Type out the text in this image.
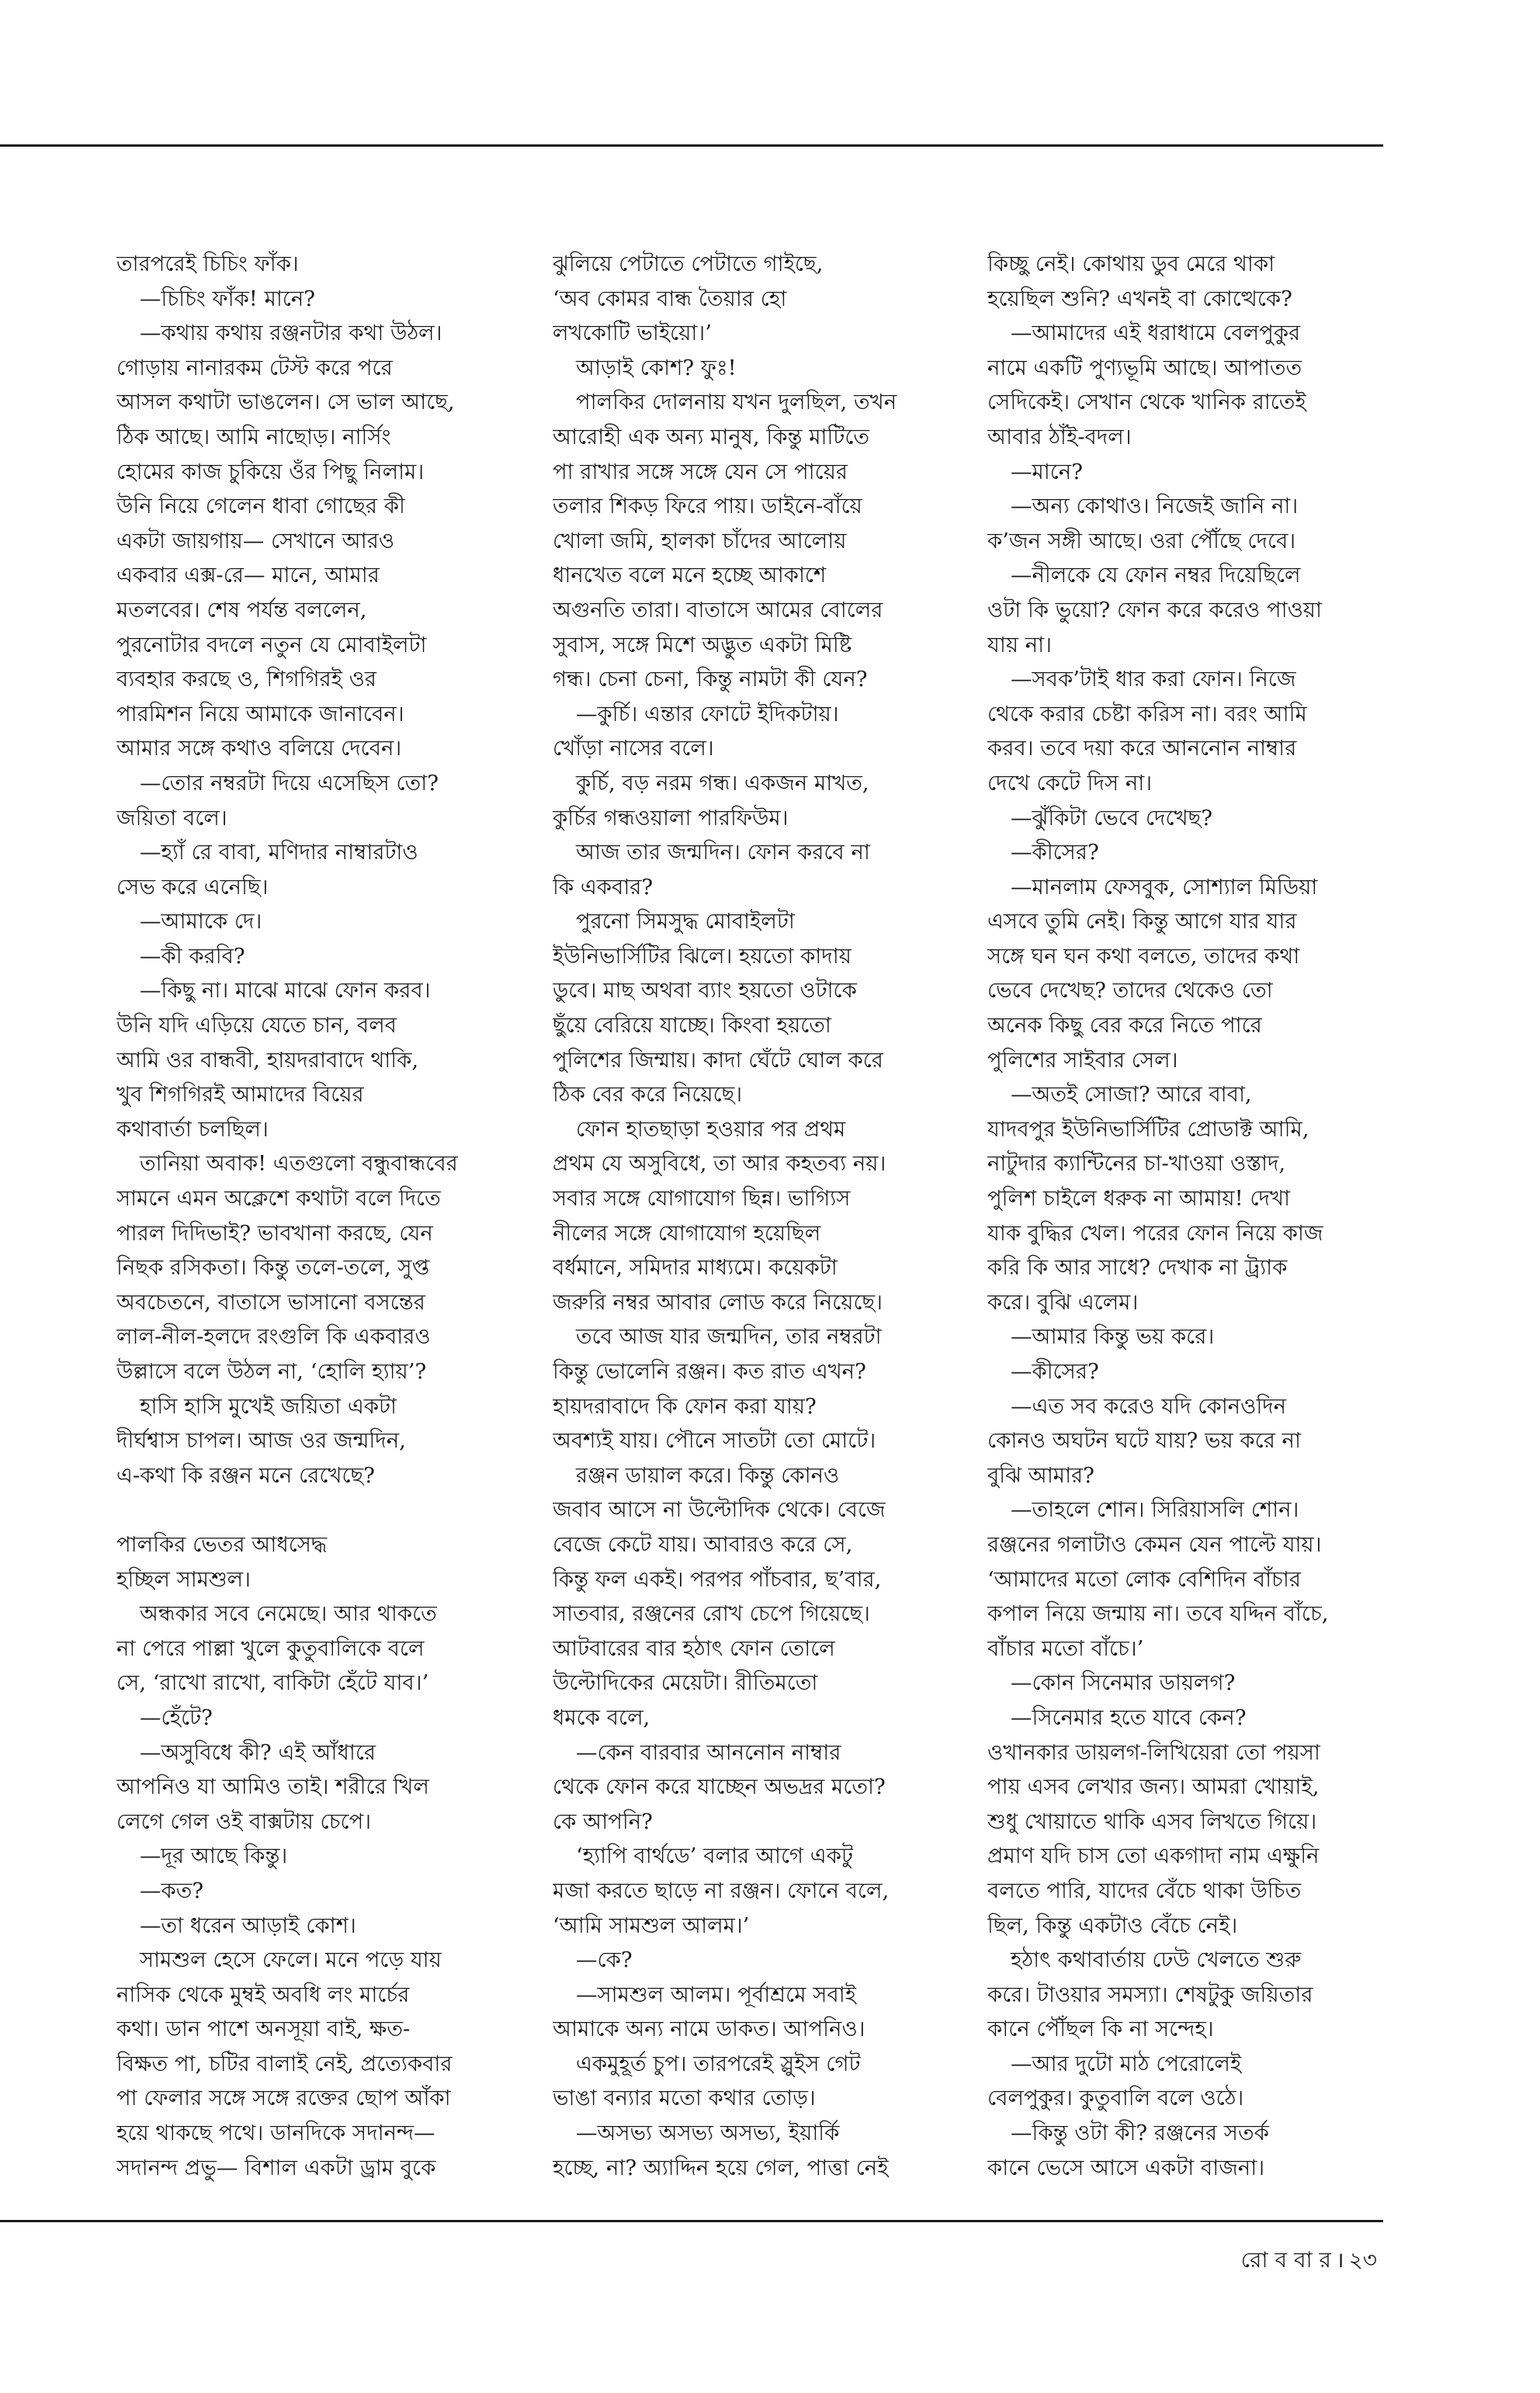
তারপরেই চিচিং ফাঁক।
—চিচিং ফাঁক! মানে?
—কথায় কথায় রঞ্জনটার কথা উঠল।
গোড়ায় নানারকম টেস্ট করে পরে
আসল কথাটা ভাঙলেন। সে ভাল আছে,
ঠিক আছে। আমি নাছোড়। নার্সিং
হোমের কাজ চুকিয়ে ওঁর পিছু নিলাম।
উনি নিয়ে গেলেন ধাবা গোছের কী
একটা জায়গায়— সেখানে আরও
একবার এক্স-রে— মানে, আমার
মতলবের। শেষ পর্যন্ত বললেন,
পুরনোটার বদলে নতুন যে মোবাইলটা
ব্যবহার করছে ও, শিগগিরই ওর
পারমিশন নিয়ে আমাকে জানাবেন।
আমার সঙ্গে কথাও বলিয়ে দেবেন।
—তোর নম্বরটা দিয়ে এসেছিস তো?
জয়িতা বলে।
—হ্যাঁ রে বাবা, মণিদার নাম্বারটাও
সেভ করে এনেছি।
—আমাকে দে।
—কী করবি?
—কিছু না। মাঝে মাঝে ফোন করব।
উনি যদি এড়িয়ে যেতে চান, বলব
আমি ওর বান্ধবী, হায়দরাবাদে থাকি,
খুব শিগগিরই আমাদের বিয়ের
কথাবার্তা চলছিল।
তানিয়া অবাক! এতগুলো বন্ধুবান্ধবের
সামনে এমন অক্লেশে কথাটা বলে দিতে
পারল দিদিভাই? ভাবখানা করছে, যেন
নিছক রসিকতা। কিন্তু তলে-তলে, সুপ্ত
অবচেতনে, বাতাসে ভাসানো বসন্তের
লাল-নীল-হলদে রংগুলি কি একবারও
উল্লাসে বলে উঠল না, ‘হোলি হ্যায়’?
হাসি হাসি মুখেই জয়িতা একটা
দীর্ঘশ্বাস চাপল। আজ ওর জন্মদিন,
এ-কথা কি রঞ্জন মনে রেখেছে?
পালকির ভেতর আধসেদ্ধ
হচ্ছিল সামশুল।
অন্ধকার সবে নেমেছে। আর থাকতে
না পেরে পাল্লা খুলে কুতুবালিকে বলে
সে, ‘রাখো রাখো, বাকিটা হেঁটে যাব।’
—হেঁটে?
—অসুবিধে কী? এই আঁধারে
আপনিও যা আমিও তাই। শরীরে খিল
লেগে গেল ওই বাক্সটায় চেপে।
—দূর আছে কিন্তু।
—কত?
—তা ধরেন আড়াই কোশ।
সামশুল হেসে ফেলে। মনে পড়ে যায়
নাসিক থেকে মুম্বই অবধি লং মার্চের
কথা। ডান পাশে অনসূয়া বাই, ক্ষত-
বিক্ষত পা, চটির বালাই নেই, প্রত্যেকবার
পা ফেলার সঙ্গে সঙ্গে রক্তের ছোপ আঁকা
হয়ে থাকছে পথে। ডানদিকে সদানন্দ—
সদানন্দ প্রভু— বিশাল একটা ড্রাম বুকে
ঝুলিয়ে পেটাতে পেটাতে গাইছে,
‘অব কোমর বান্ধ তৈয়ার হো
লখকোটি ভাইয়ো।’
আড়াই কোশ? ফুঃ!
পালকির দোলনায় যখন দুলছিল, তখন
আরোহী এক অন্য মানুষ, কিন্তু মাটিতে
পা রাখার সঙ্গে সঙ্গে যেন সে পায়ের
তলার শিকড় ফিরে পায়। ডাইনে-বাঁয়ে
খোলা জমি, হালকা চাঁদের আলোয়
ধানখেত বলে মনে হচ্ছে আকাশে
অগুনতি তারা। বাতাসে আমের বোলের
সুবাস, সঙ্গে মিশে অদ্ভুত একটা মিষ্টি
গন্ধ। চেনা চেনা, কিন্তু নামটা কী যেন?
—কুর্চি। এন্তার ফোটে ইদিকটায়।
খোঁড়া নাসের বলে।
কুর্চি, বড় নরম গন্ধ। একজন মাখত,
কুর্চির গন্ধওয়ালা পারফিউম।
আজ তার জন্মদিন। ফোন করবে না
কি একবার?
পুরনো সিমসুদ্ধ মোবাইলটা
ইউনিভার্সিটির ঝিলে। হয়তো কাদায়
ডুবে। মাছ অথবা ব্যাং হয়তো ওটাকে
ছুঁয়ে বেরিয়ে যাচ্ছে। কিংবা হয়তো
পুলিশের জিম্মায়। কাদা ঘেঁটে ঘোল করে
ঠিক বের করে নিয়েছে।
ফোন হাতছাড়া হওয়ার পর প্রথম
প্রথম যে অসুবিধে, তা আর কহতব্য নয়।
সবার সঙ্গে যোগাযোগ ছিন্ন। ভাগ্যিস
নীলের সঙ্গে যোগাযোগ হয়েছিল
বর্ধমানে, সমিদার মাধ্যমে। কয়েকটা
জরুরি নম্বর আবার লোড করে নিয়েছে।
তবে আজ যার জন্মদিন, তার নম্বরটা
কিন্তু ভোলেনি রঞ্জন। কত রাত এখন?
হায়দরাবাদে কি ফোন করা যায়?
অবশ্যই যায়। পৌনে সাতটা তো মোটে।
রঞ্জন ডায়াল করে। কিন্তু কোনও
জবাব আসে না উল্টোদিক থেকে। বেজে
বেজে কেটে যায়। আবারও করে সে,
কিন্তু ফল একই। পরপর পাঁচবার, ছ’বার,
সাতবার, রঞ্জনের রোখ চেপে গিয়েছে।
আটবারের বার হঠাৎ ফোন তোলে
উল্টোদিকের মেয়েটা। রীতিমতো
ধমকে বলে,
—কেন বারবার আননোন নাম্বার
থেকে ফোন করে যাচ্ছেন অভদ্রর মতো?
কে আপনি?
‘হ্যাপি বার্থডে’ বলার আগে একটু
মজা করতে ছাড়ে না রঞ্জন। ফোনে বলে,
‘আমি সামশুল আলম।’
—কে?
—সামশুল আলম। পূর্বাশ্রমে সবাই
আমাকে অন্য নামে ডাকত। আপনিও।
একমুহূর্ত চুপ। তারপরেই স্লুইস গেট
ভাঙা বন্যার মতো কথার তোড়।
—অসভ্য অসভ্য অসভ্য, ইয়ার্কি
হচ্ছে, না? অ্যাদ্দিন হয়ে গেল, পাত্তা নেই
কিচ্ছু নেই। কোথায় ডুব মেরে থাকা
হয়েছিল শুনি? এখনই বা কোত্থেকে?
—আমাদের এই ধরাধামে বেলপুকুর
নামে একটি পুণ্যভূমি আছে। আপাতত
সেদিকেই। সেখান থেকে খানিক রাতেই
আবার ঠাঁই-বদল।
—মানে?
—অন্য কোথাও। নিজেই জানি না।
ক’জন সঙ্গী আছে। ওরা পৌঁছে দেবে।
—নীলকে যে ফোন নম্বর দিয়েছিলে
ওটা কি ভুয়ো? ফোন করে করেও পাওয়া
যায় না।
—সবক’টাই ধার করা ফোন। নিজে
থেকে করার চেষ্টা করিস না। বরং আমি
করব। তবে দয়া করে আননোন নাম্বার
দেখে কেটে দিস না।
—ঝুঁকিটা ভেবে দেখেছ?
—কীসের?
—মানলাম ফেসবুক, সোশ্যাল মিডিয়া
এসবে তুমি নেই। কিন্তু আগে যার যার
সঙ্গে ঘন ঘন কথা বলতে, তাদের কথা
ভেবে দেখেছ? তাদের থেকেও তো
অনেক কিছু বের করে নিতে পারে
পুলিশের সাইবার সেল।
—অতই সোজা? আরে বাবা,
যাদবপুর ইউনিভার্সিটির প্রোডাক্ট আমি,
নাটুদার ক্যান্টিনের চা-খাওয়া ওস্তাদ,
পুলিশ চাইলে ধরুক না আমায়! দেখা
যাক বুদ্ধির খেল। পরের ফোন নিয়ে কাজ
করি কি আর সাধে? দেখাক না ট্র্যাক
করে। বুঝি এলেম।
—আমার কিন্তু ভয় করে।
—কীসের?
—এত সব করেও যদি কোনওদিন
কোনও অঘটন ঘটে যায়? ভয় করে না
বুঝি আমার?
—তাহলে শোন। সিরিয়াসলি শোন।
রঞ্জনের গলাটাও কেমন যেন পাল্টে যায়।
‘আমাদের মতো লোক বেশিদিন বাঁচার
কপাল নিয়ে জন্মায় না। তবে যদ্দিন বাঁচে,
বাঁচার মতো বাঁচে।’
—কোন সিনেমার ডায়লগ?
—সিনেমার হতে যাবে কেন?
ওখানকার ডায়লগ-লিখিয়েরা তো পয়সা
পায় এসব লেখার জন্য। আমরা খোয়াই,
শুধু খোয়াতে থাকি এসব লিখতে গিয়ে।
প্রমাণ যদি চাস তো একগাদা নাম এক্ষুনি
বলতে পারি, যাদের বেঁচে থাকা উচিত
ছিল, কিন্তু একটাও বেঁচে নেই।
হঠাৎ কথাবার্তায় ঢেউ খেলতে শুরু
করে। টাওয়ার সমস্যা। শেষটুকু জয়িতার
কানে পৌঁছল কি না সন্দেহ।
—আর দুটো মাঠ পেরোলেই
বেলপুকুর। কুতুবালি বলে ওঠে।
—কিন্তু ওটা কী? রঞ্জনের সতর্ক
কানে ভেসে আসে একটা বাজনা।
রো ব বা র । ২৩
